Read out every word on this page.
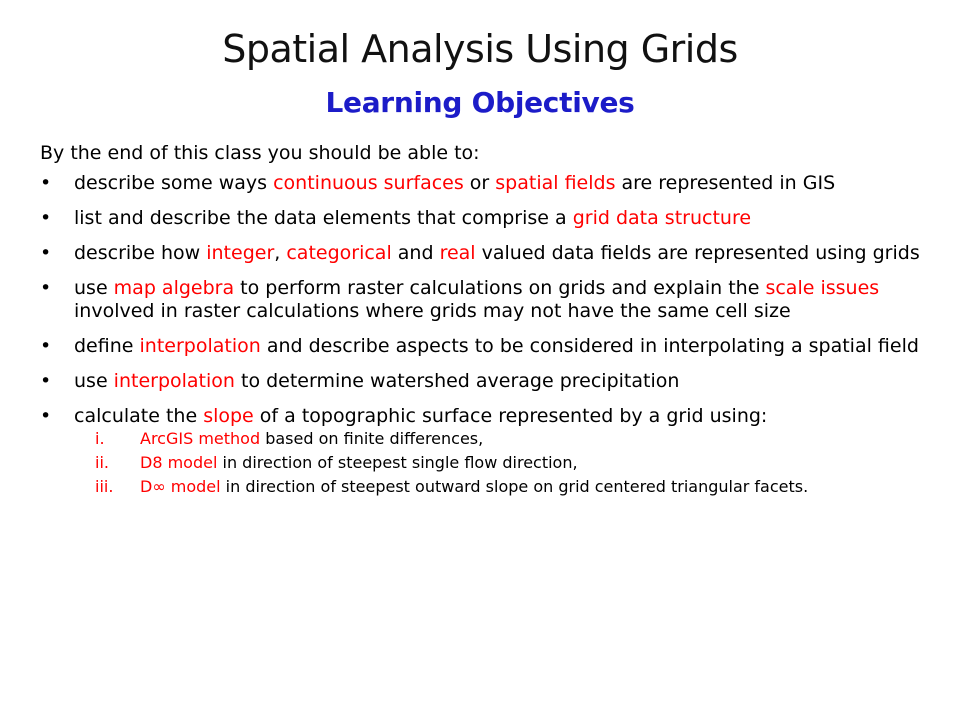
Spatial Analysis Using Grids
Learning Objectives
By the end of this class you should be able to:
• describe some ways continuous surfaces or spatial fields are represented in GIS
• list and describe the data elements that comprise a grid data structure
• describe how integer, categorical and real valued data fields are represented using grids
• use map algebra to perform raster calculations on grids and explain the scale issues involved in raster calculations where grids may not have the same cell size
• define interpolation and describe aspects to be considered in interpolating a spatial field
• use interpolation to determine watershed average precipitation
• calculate the slope of a topographic surface represented by a grid using:
i. ArcGIS method based on finite differences,
ii. D8 model in direction of steepest single flow direction,
iii. D∞ model in direction of steepest outward slope on grid centered triangular facets.
